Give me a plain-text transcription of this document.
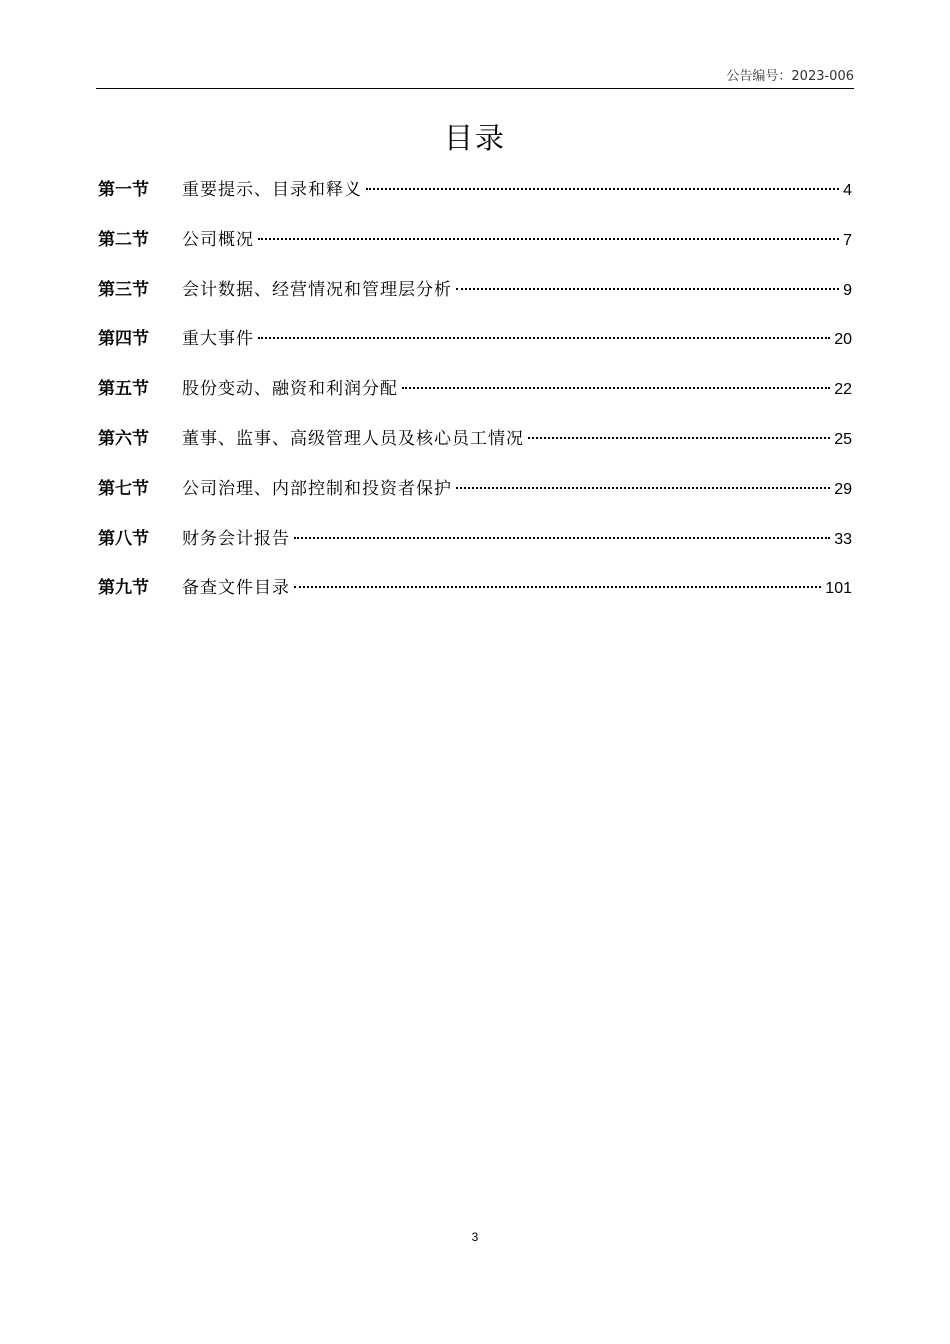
公告编号：2023-006
目录
第一节	重要提示、目录和释义	4
第二节	公司概况	7
第三节	会计数据、经营情况和管理层分析	9
第四节	重大事件	20
第五节	股份变动、融资和利润分配	22
第六节	董事、监事、高级管理人员及核心员工情况	25
第七节	公司治理、内部控制和投资者保护	29
第八节	财务会计报告	33
第九节	备查文件目录	101
3
